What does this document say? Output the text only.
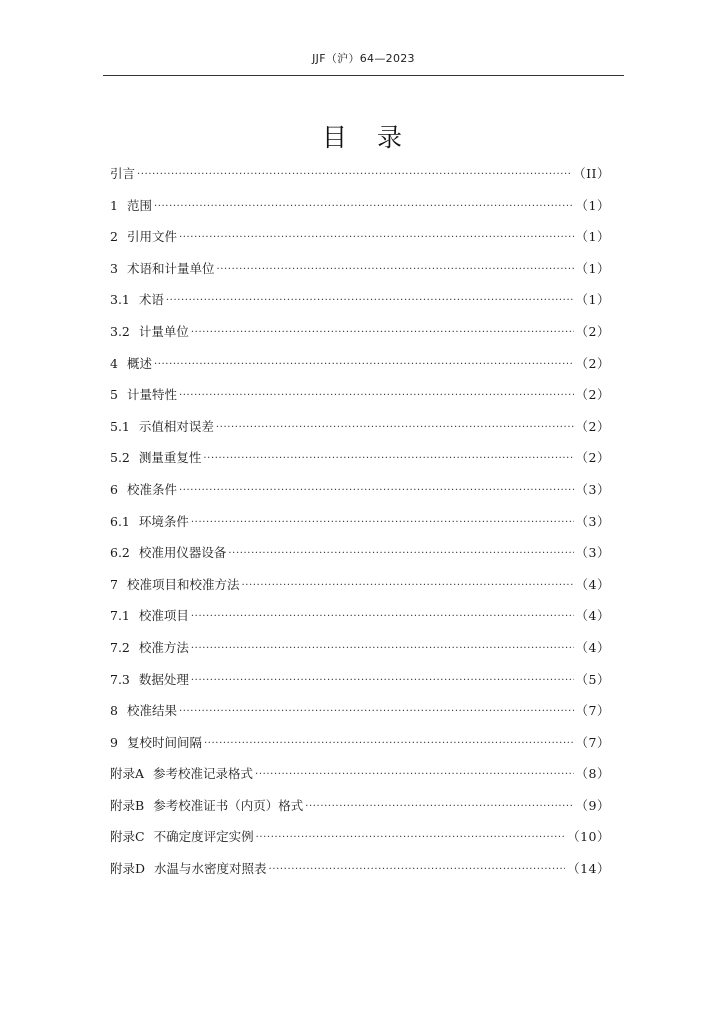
JJF（沪）64—2023
目 录
引言 ·····	（II）
1 范围 ·····	（1）
2 引用文件 ·····	（1）
3 术语和计量单位 ·····	（1）
3.1 术语 ·····	（1）
3.2 计量单位 ·····	（2）
4 概述 ·····	（2）
5 计量特性 ·····	（2）
5.1 示值相对误差 ·····	（2）
5.2 测量重复性 ·····	（2）
6 校准条件 ·····	（3）
6.1 环境条件 ·····	（3）
6.2 校准用仪器设备 ·····	（3）
7 校准项目和校准方法 ·····	（4）
7.1 校准项目 ·····	（4）
7.2 校准方法 ·····	（4）
7.3 数据处理 ·····	（5）
8 校准结果 ·····	（7）
9 复校时间间隔 ·····	（7）
附录A 参考校准记录格式 ·····	（8）
附录B 参考校准证书（内页）格式 ·····	（9）
附录C 不确定度评定实例 ·····	（10）
附录D 水温与水密度对照表 ·····	（14）
